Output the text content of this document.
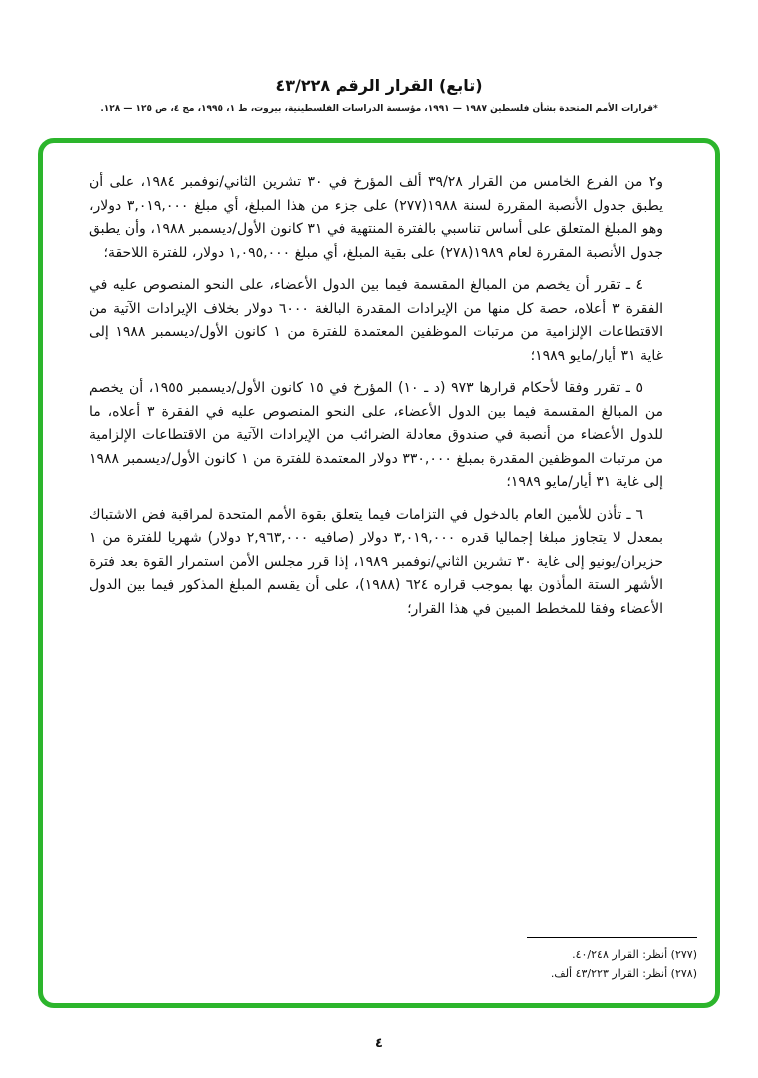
(تابع) القرار الرقم ٤٣/٢٢٨
*قرارات الأمم المتحدة بشأن فلسطين ١٩٨٧ — ١٩٩١، مؤسسة الدراسات الفلسطينية، بيروت، ط ١، ١٩٩٥، مج ٤، ص ١٢٥ — ١٢٨.

و٢ من الفرع الخامس من القرار ٣٩/٢٨ ألف المؤرخ في ٣٠ تشرين الثاني/نوفمبر ١٩٨٤، على أن يطبق جدول الأنصبة المقررة لسنة ١٩٨٨(٢٧٧) على جزء من هذا المبلغ، أي مبلغ ٣,٠١٩,٠٠٠ دولار، وهو المبلغ المتعلق على أساس تناسبي بالفترة المنتهية في ٣١ كانون الأول/ديسمبر ١٩٨٨، وأن يطبق جدول الأنصبة المقررة لعام ١٩٨٩(٢٧٨) على بقية المبلغ، أي مبلغ ١,٠٩٥,٠٠٠ دولار، للفترة اللاحقة؛

٤ ـ تقرر أن يخصم من المبالغ المقسمة فيما بين الدول الأعضاء، على النحو المنصوص عليه في الفقرة ٣ أعلاه، حصة كل منها من الإيرادات المقدرة البالغة ٦٠٠٠ دولار بخلاف الإيرادات الآتية من الاقتطاعات الإلزامية من مرتبات الموظفين المعتمدة للفترة من ١ كانون الأول/ديسمبر ١٩٨٨ إلى غاية ٣١ أيار/مايو ١٩٨٩؛

٥ ـ تقرر وفقا لأحكام قرارها ٩٧٣ (د ـ ١٠) المؤرخ في ١٥ كانون الأول/ديسمبر ١٩٥٥، أن يخصم من المبالغ المقسمة فيما بين الدول الأعضاء، على النحو المنصوص عليه في الفقرة ٣ أعلاه، ما للدول الأعضاء من أنصبة في صندوق معادلة الضرائب من الإيرادات الآتية من الاقتطاعات الإلزامية من مرتبات الموظفين المقدرة بمبلغ ٣٣٠,٠٠٠ دولار المعتمدة للفترة من ١ كانون الأول/ديسمبر ١٩٨٨ إلى غاية ٣١ أيار/مايو ١٩٨٩؛

٦ ـ تأذن للأمين العام بالدخول في التزامات فيما يتعلق بقوة الأمم المتحدة لمراقبة فض الاشتباك بمعدل لا يتجاوز مبلغا إجماليا قدره ٣,٠١٩,٠٠٠ دولار (صافيه ٢,٩٦٣,٠٠٠ دولار) شهريا للفترة من ١ حزيران/يونيو إلى غاية ٣٠ تشرين الثاني/نوفمبر ١٩٨٩، إذا قرر مجلس الأمن استمرار القوة بعد فترة الأشهر الستة المأذون بها بموجب قراره ٦٢٤ (١٩٨٨)، على أن يقسم المبلغ المذكور فيما بين الدول الأعضاء وفقا للمخطط المبين في هذا القرار؛

(٢٧٧) أنظر: القرار ٤٠/٢٤٨.

(٢٧٨) أنظر: القرار ٤٣/٢٢٣ ألف.

٤
